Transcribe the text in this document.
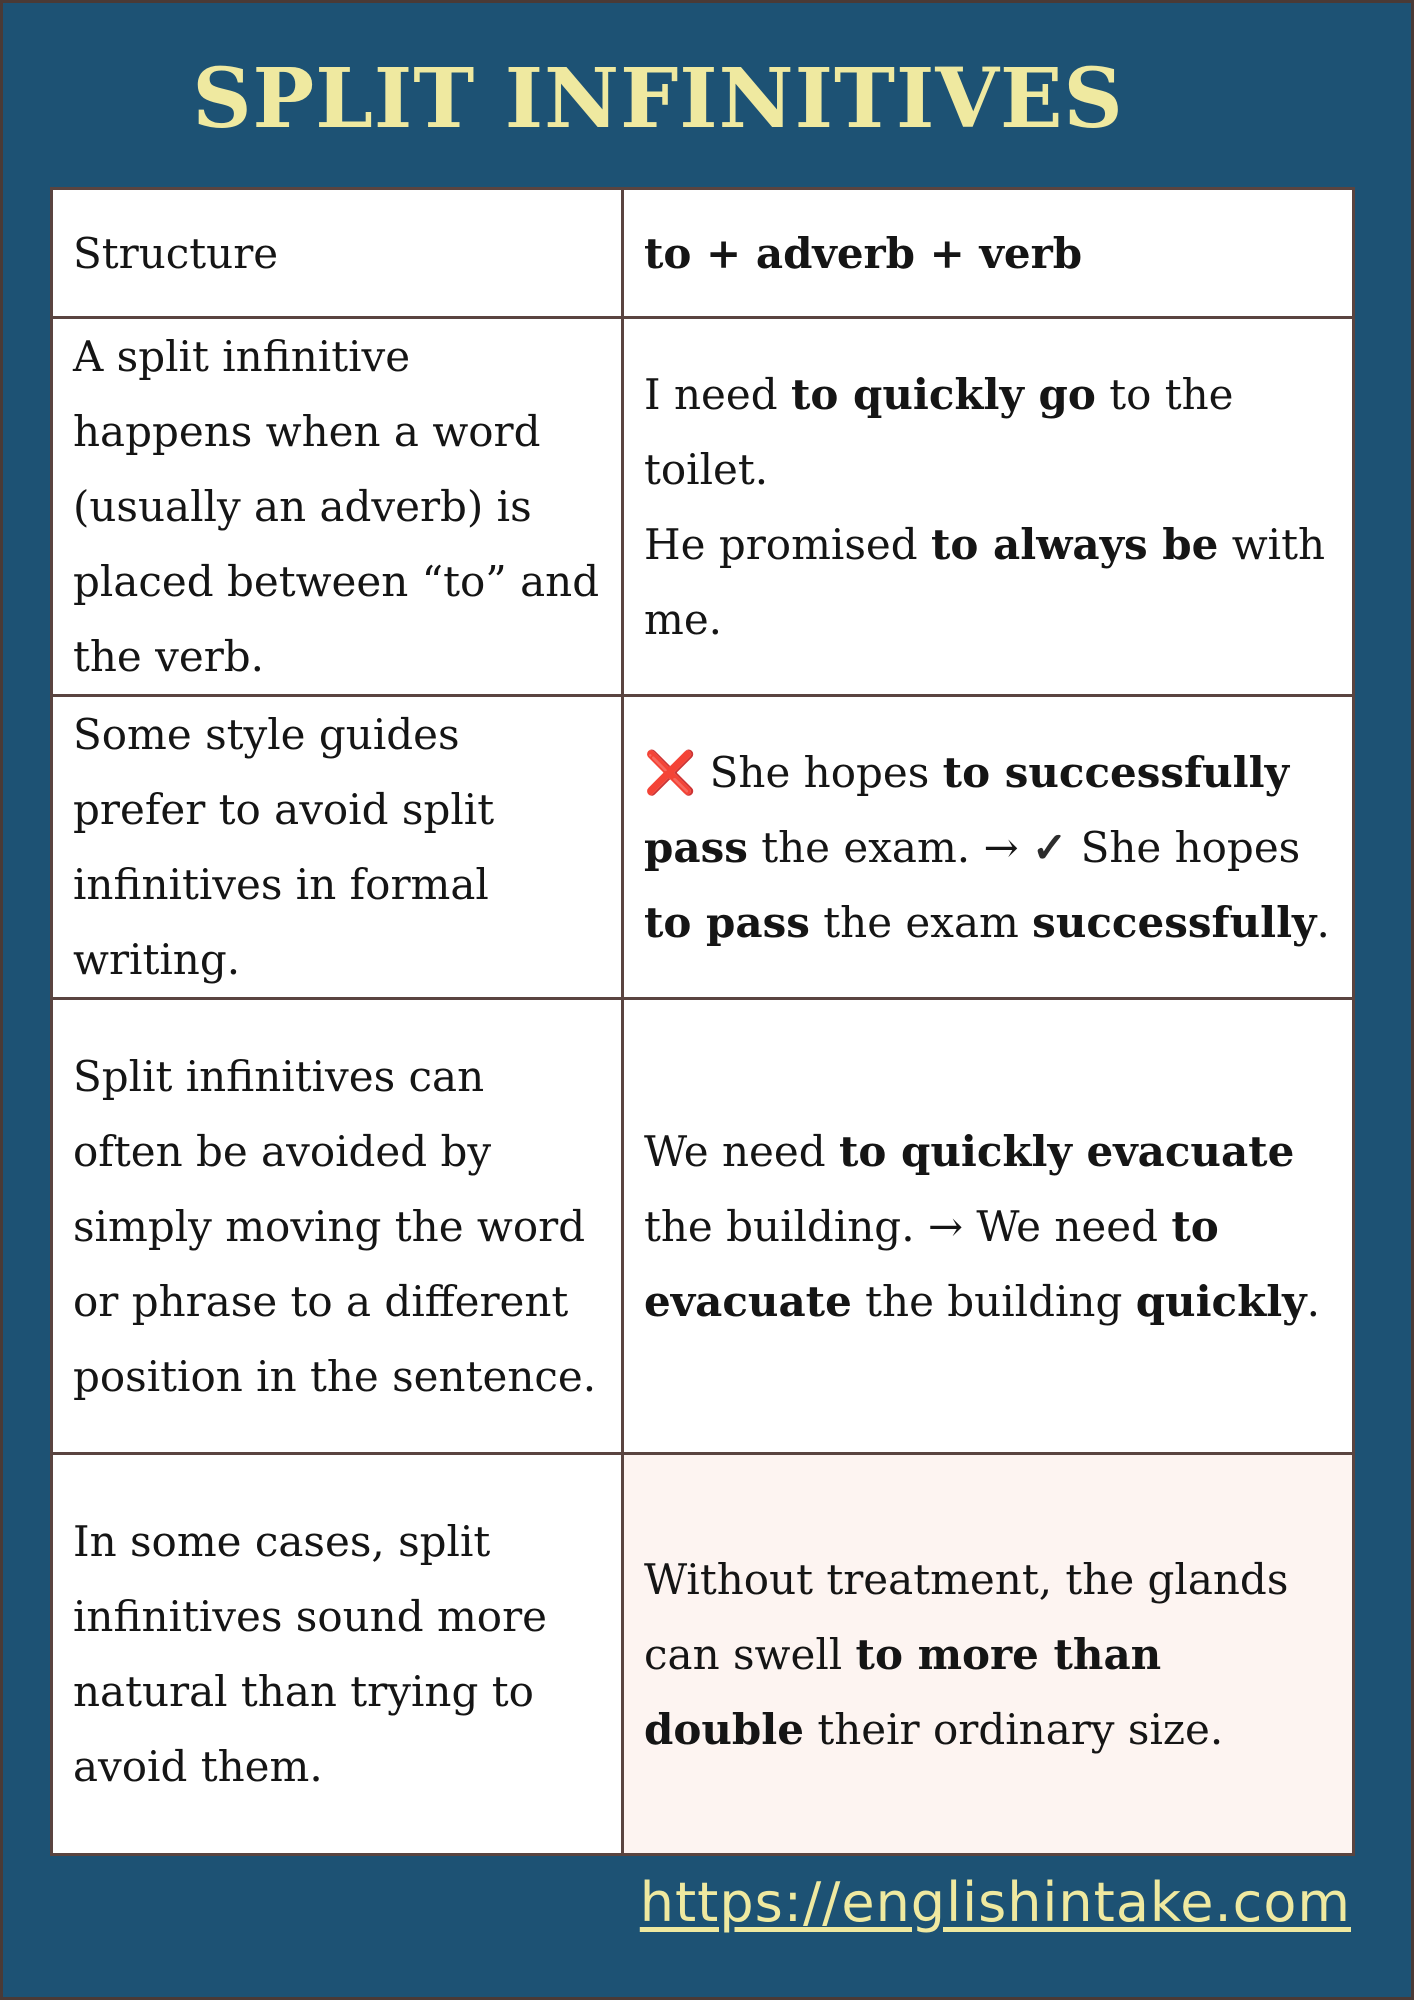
SPLIT INFINITIVES
Structure	to + adverb + verb
A split infinitive happens when a word (usually an adverb) is placed between “to” and the verb.	I need to quickly go to the toilet.
He promised to always be with me.
Some style guides prefer to avoid split infinitives in formal writing.	❌ She hopes to successfully pass the exam. → ✓ She hopes to pass the exam successfully.
Split infinitives can often be avoided by simply moving the word or phrase to a different position in the sentence.	We need to quickly evacuate the building. → We need to evacuate the building quickly.
In some cases, split infinitives sound more natural than trying to avoid them.	Without treatment, the glands can swell to more than double their ordinary size.
https://englishintake.com
